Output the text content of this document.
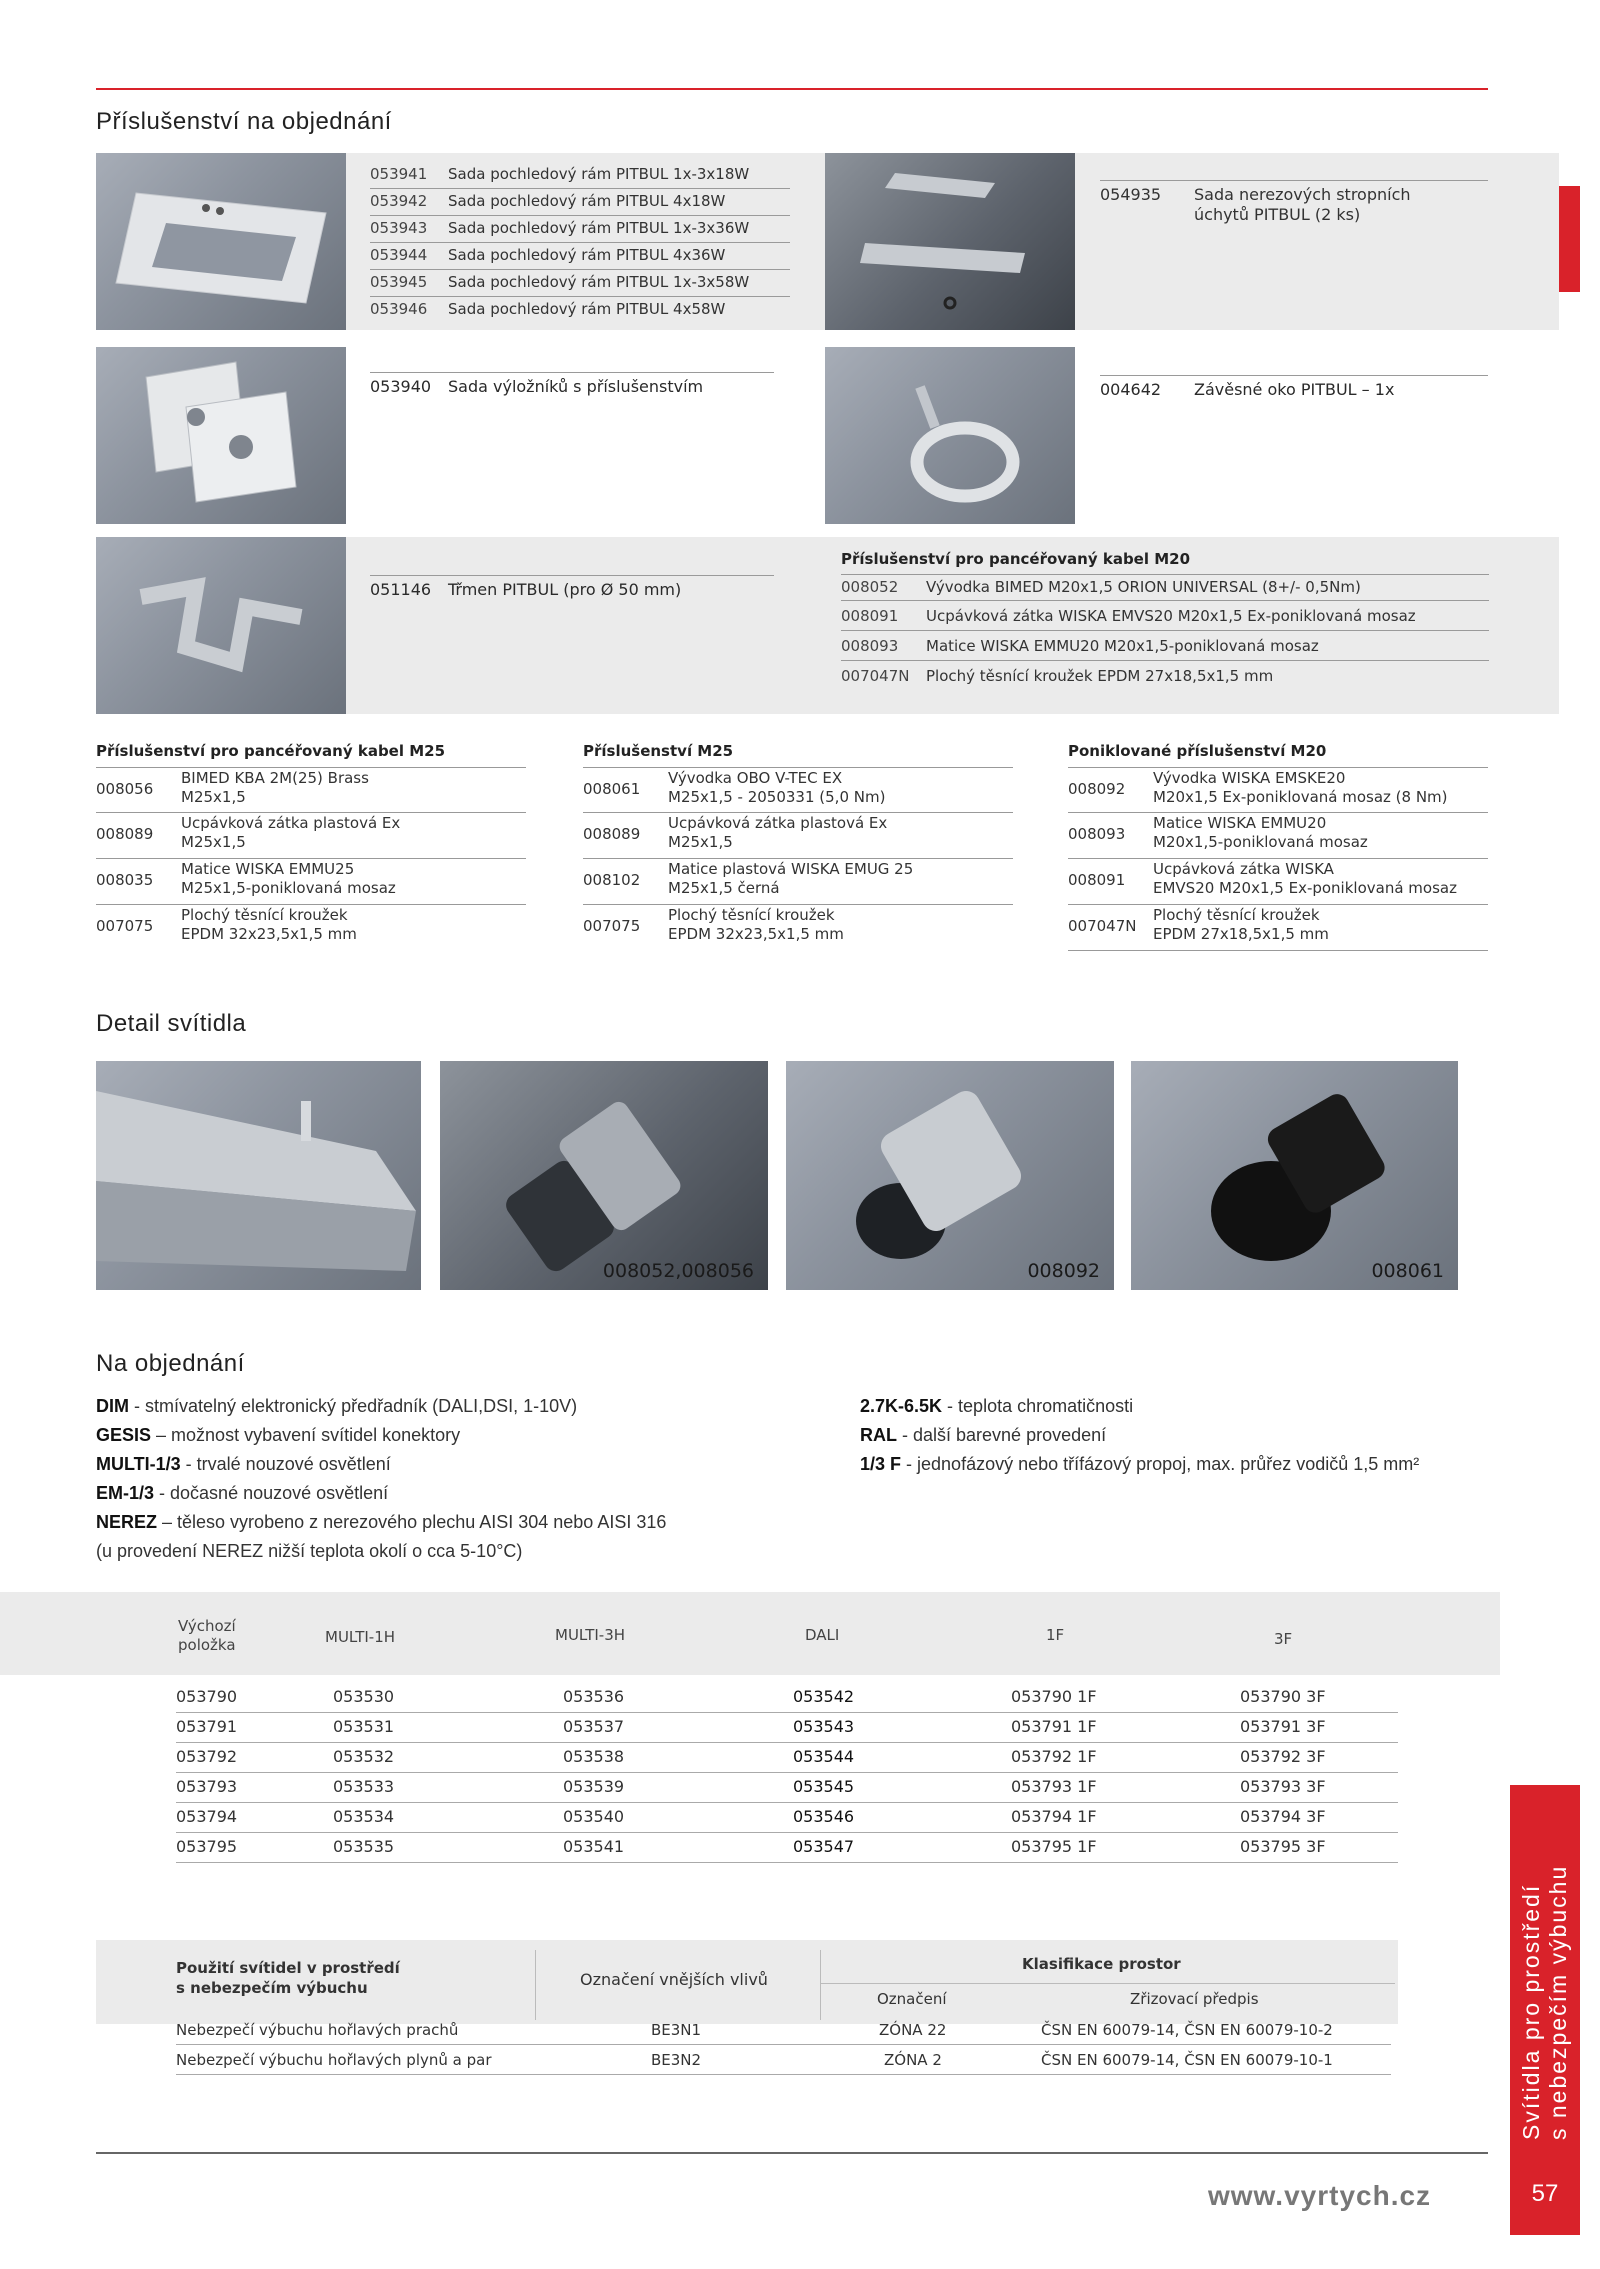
Příslušenství na objednání
053941 Sada pochledový rám PITBUL 1x-3x18W
053942 Sada pochledový rám PITBUL 4x18W
053943 Sada pochledový rám PITBUL 1x-3x36W
053944 Sada pochledový rám PITBUL 4x36W
053945 Sada pochledový rám PITBUL 1x-3x58W
053946 Sada pochledový rám PITBUL 4x58W
054935	Sada nerezových stropních
úchytů PITBUL (2 ks)
053940 Sada výložníků s příslušenstvím	004642 Závěsné oko PITBUL – 1x
051146 Třmen PITBUL (pro Ø 50 mm)
Příslušenství pro pancéřovaný kabel M20
008052 Vývodka BIMED M20x1,5 ORION UNIVERSAL (8+/- 0,5Nm)
008091 Ucpávková zátka WISKA EMVS20 M20x1,5 Ex-poniklovaná mosaz
008093 Matice WISKA EMMU20 M20x1,5-poniklovaná mosaz
007047N Plochý těsnící kroužek EPDM 27x18,5x1,5 mm
Příslušenství pro pancéřovaný kabel M25
008056
BIMED KBA 2M(25) Brass
M25x1,5
008089
Ucpávková zátka plastová Ex
M25x1,5
008035
Matice WISKA EMMU25
M25x1,5-poniklovaná mosaz
007075
Plochý těsnící kroužek
EPDM 32x23,5x1,5 mm
Příslušenství M25
008061
Vývodka OBO V-TEC EX
M25x1,5 - 2050331 (5,0 Nm)
008089
Ucpávková zátka plastová Ex
M25x1,5
008102
Matice plastová WISKA EMUG 25
M25x1,5 černá
007075
Plochý těsnící kroužek
EPDM 32x23,5x1,5 mm
Poniklované příslušenství M20
008092
Vývodka WISKA EMSKE20
M20x1,5 Ex-poniklovaná mosaz (8 Nm)
008093
Matice WISKA EMMU20
M20x1,5-poniklovaná mosaz
008091
Ucpávková zátka WISKA
EMVS20 M20x1,5 Ex-poniklovaná mosaz
007047N
Plochý těsnící kroužek
EPDM 27x18,5x1,5 mm
Detail svítidla
008052,008056	008092	008061
Na objednání
DIM - stmívatelný elektronický předřadník (DALI,DSI, 1-10V)
GESIS – možnost vybavení svítidel konektory
MULTI-1/3 - trvalé nouzové osvětlení
EM-1/3 - dočasné nouzové osvětlení
NEREZ – těleso vyrobeno z nerezového plechu AISI 304 nebo AISI 316
(u provedení NEREZ nižší teplota okolí o cca 5-10°C)
2.7K-6.5K - teplota chromatičnosti
RAL - další barevné provedení
1/3 F - jednofázový nebo třífázový propoj, max. průřez vodičů 1,5 mm²
Výchozí položka	MULTI-1H	MULTI-3H	DALI	1F	3F
053790	053530	053536	053542	053790 1F	053790 3F
053791	053531	053537	053543	053791 1F	053791 3F
053792	053532	053538	053544	053792 1F	053792 3F
053793	053533	053539	053545	053793 1F	053793 3F
053794	053534	053540	053546	053794 1F	053794 3F
053795	053535	053541	053547	053795 1F	053795 3F
Použití svítidel v prostředí
s nebezpečím výbuchu	Označení vnějších vlivů
Klasifikace prostor
Označení	Zřizovací předpis
Nebezpečí výbuchu hořlavých prachů	BE3N1	ZÓNA 22	ČSN EN 60079-14, ČSN EN 60079-10-2
Nebezpečí výbuchu hořlavých plynů a par	BE3N2	ZÓNA 2	ČSN EN 60079-14, ČSN EN 60079-10-1	Svítidla pro prostředí s nebezpečím výbuchu
57
www.vyrtych.cz
